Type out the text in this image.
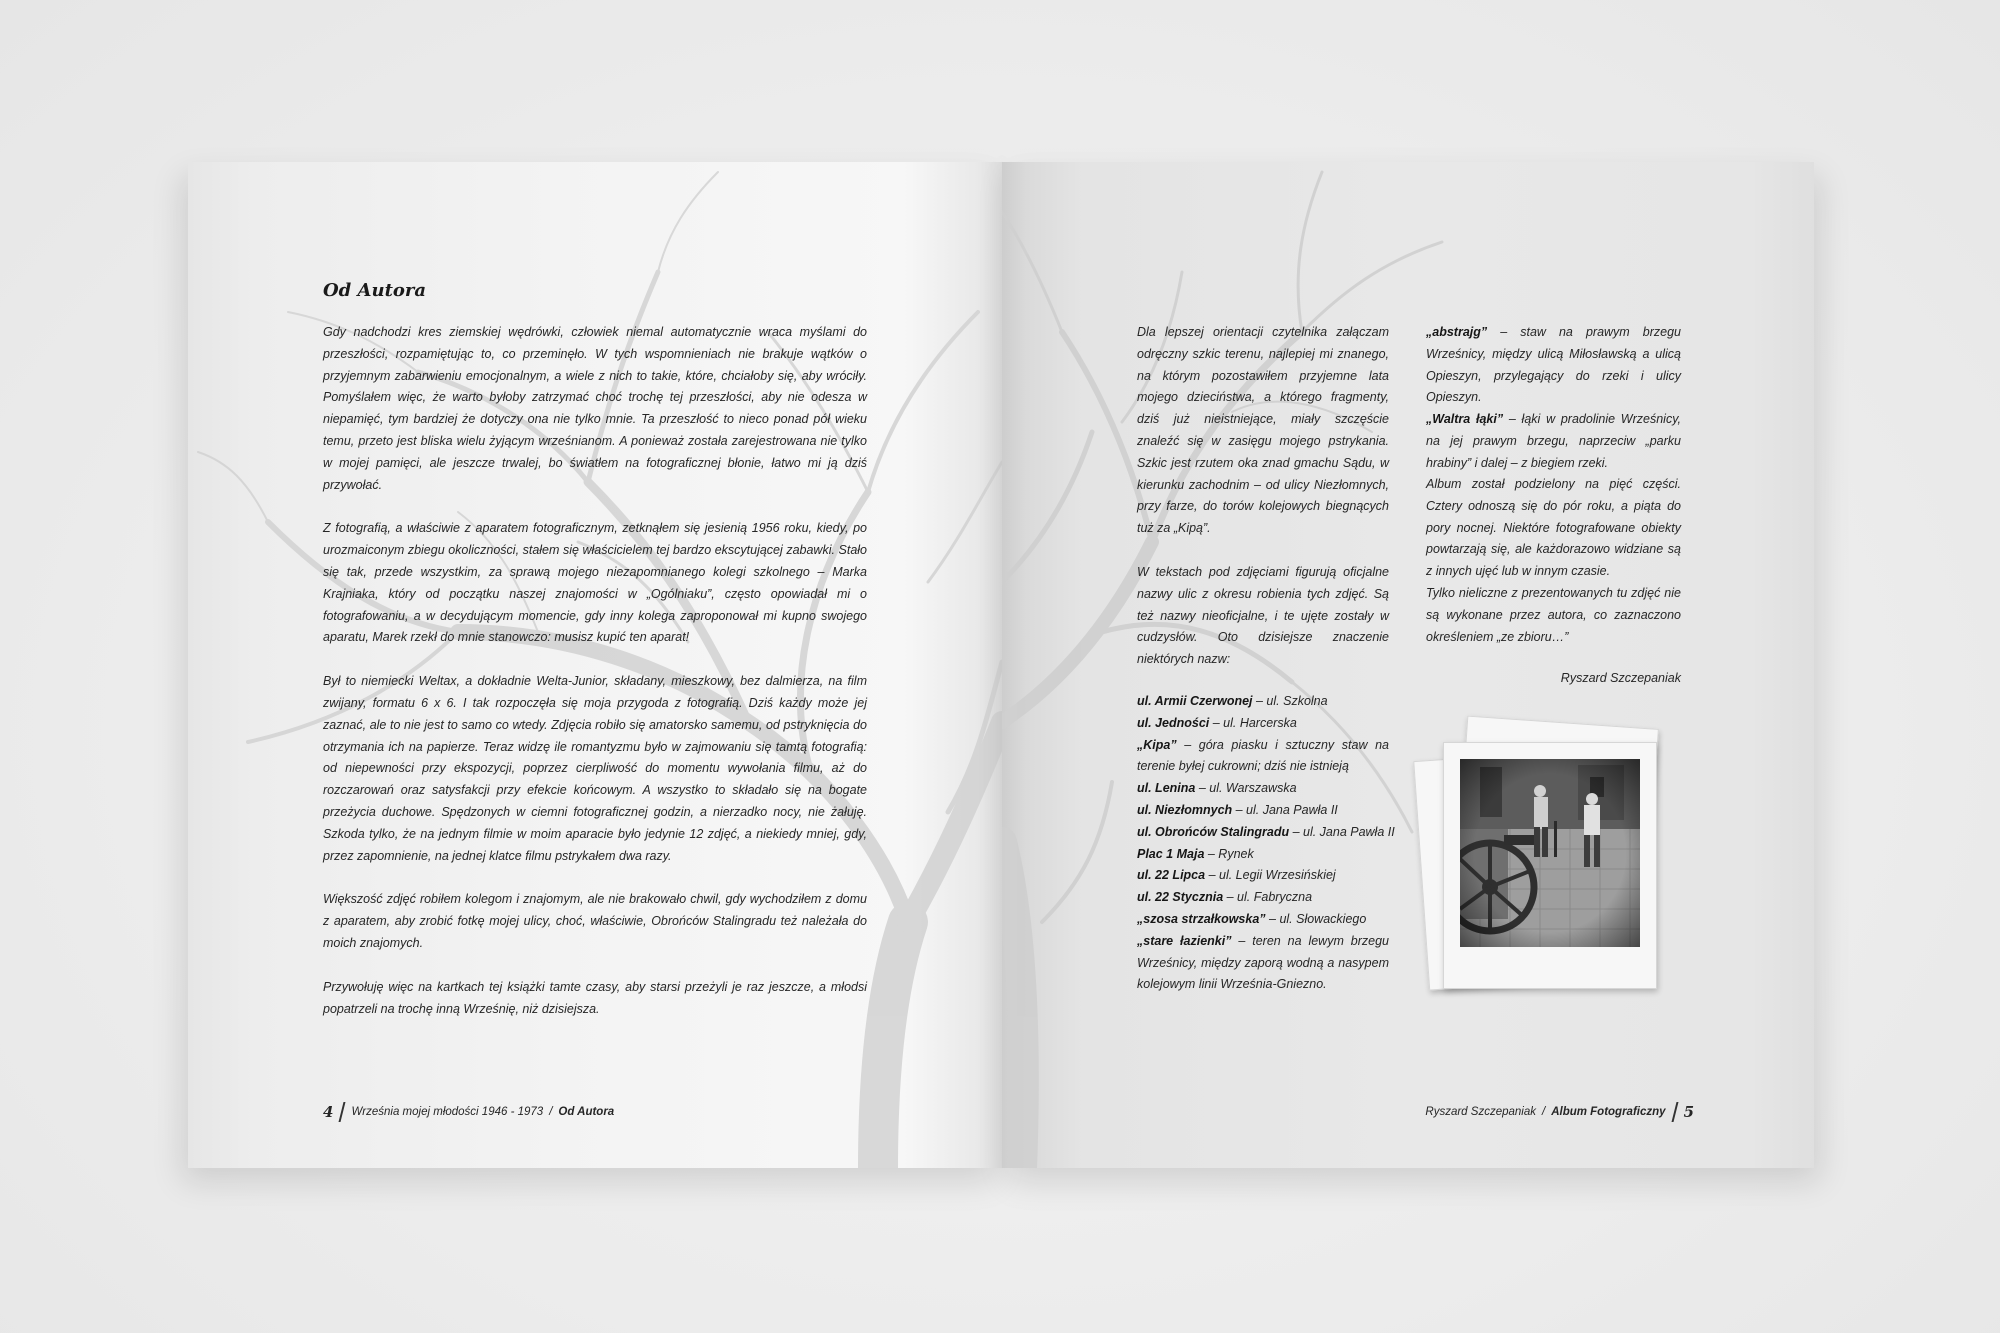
Od Autora

Gdy nadchodzi kres ziemskiej wędrówki, człowiek niemal automatycznie wraca myślami do przeszłości, rozpamiętując to, co przeminęło. W tych wspomnieniach nie brakuje wątków o przyjemnym zabarwieniu emocjonalnym, a wiele z nich to takie, które, chciałoby się, aby wróciły. Pomyślałem więc, że warto byłoby zatrzymać choć trochę tej przeszłości, aby nie odesza w niepamięć, tym bardziej że dotyczy ona nie tylko mnie. Ta przeszłość to nieco ponad pół wieku temu, przeto jest bliska wielu żyjącym wrześnianom. A ponieważ została zarejestrowana nie tylko w mojej pamięci, ale jeszcze trwalej, bo światłem na fotograficznej błonie, łatwo mi ją dziś przywołać.

Z fotografią, a właściwie z aparatem fotograficznym, zetknąłem się jesienią 1956 roku, kiedy, po urozmaiconym zbiegu okoliczności, stałem się właścicielem tej bardzo ekscytującej zabawki. Stało się tak, przede wszystkim, za sprawą mojego niezapomnianego kolegi szkolnego – Marka Krajniaka, który od początku naszej znajomości w „Ogólniaku”, często opowiadał mi o fotografowaniu, a w decydującym momencie, gdy inny kolega zaproponował mi kupno swojego aparatu, Marek rzekł do mnie stanowczo: musisz kupić ten aparat!

Był to niemiecki Weltax, a dokładnie Welta-Junior, składany, mieszkowy, bez dalmierza, na film zwijany, formatu 6 x 6. I tak rozpoczęła się moja przygoda z fotografią. Dziś każdy może jej zaznać, ale to nie jest to samo co wtedy. Zdjęcia robiło się amatorsko samemu, od pstryknięcia do otrzymania ich na papierze. Teraz widzę ile romantyzmu było w zajmowaniu się tamtą fotografią: od niepewności przy ekspozycji, poprzez cierpliwość do momentu wywołania filmu, aż do rozczarowań oraz satysfakcji przy efekcie końcowym. A wszystko to składało się na bogate przeżycia duchowe. Spędzonych w ciemni fotograficznej godzin, a nierzadko nocy, nie żałuję. Szkoda tylko, że na jednym filmie w moim aparacie było jedynie 12 zdjęć, a niekiedy mniej, gdy, przez zapomnienie, na jednej klatce filmu pstrykałem dwa razy.

Większość zdjęć robiłem kolegom i znajomym, ale nie brakowało chwil, gdy wychodziłem z domu z aparatem, aby zrobić fotkę mojej ulicy, choć, właściwie, Obrońców Stalingradu też należała do moich znajomych.

Przywołuję więc na kartkach tej książki tamte czasy, aby starsi przeżyli je raz jeszcze, a młodsi popatrzeli na trochę inną Wrześnię, niż dzisiejsza.

4 Września mojej młodości 1946 - 1973 / Od Autora

Dla lepszej orientacji czytelnika załączam odręczny szkic terenu, najlepiej mi znanego, na którym pozostawiłem przyjemne lata mojego dzieciństwa, a którego fragmenty, dziś już nieistniejące, miały szczęście znaleźć się w zasięgu mojego pstrykania. Szkic jest rzutem oka znad gmachu Sądu, w kierunku zachodnim – od ulicy Niezłomnych, przy farze, do torów kolejowych biegnących tuż za „Kipą”.

W tekstach pod zdjęciami figurują oficjalne nazwy ulic z okresu robienia tych zdjęć. Są też nazwy nieoficjalne, i te ujęte zostały w cudzysłów. Oto dzisiejsze znaczenie niektórych nazw:

ul. Armii Czerwonej – ul. Szkolna
ul. Jedności – ul. Harcerska
„Kipa” – góra piasku i sztuczny staw na terenie byłej cukrowni; dziś nie istnieją
ul. Lenina – ul. Warszawska
ul. Niezłomnych – ul. Jana Pawła II
ul. Obrońców Stalingradu – ul. Jana Pawła II
Plac 1 Maja – Rynek
ul. 22 Lipca – ul. Legii Wrzesińskiej
ul. 22 Stycznia – ul. Fabryczna
„szosa strzałkowska” – ul. Słowackiego
„stare łazienki” – teren na lewym brzegu Wrześnicy, między zaporą wodną a nasypem kolejowym linii Września-Gniezno.
„abstrajg” – staw na prawym brzegu Wrześnicy, między ulicą Miłosławską a ulicą Opieszyn, przylegający do rzeki i ulicy Opieszyn.
„Waltra łąki” – łąki w pradolinie Wrześnicy, na jej prawym brzegu, naprzeciw „parku hrabiny” i dalej – z biegiem rzeki.

Album został podzielony na pięć części. Cztery odnoszą się do pór roku, a piąta do pory nocnej. Niektóre fotografowane obiekty powtarzają się, ale każdorazowo widziane są z innych ujęć lub w innym czasie.

Tylko nieliczne z prezentowanych tu zdjęć nie są wykonane przez autora, co zaznaczono określeniem „ze zbioru…”

Ryszard Szczepaniak
Ryszard Szczepaniak / Album Fotograficzny 5
